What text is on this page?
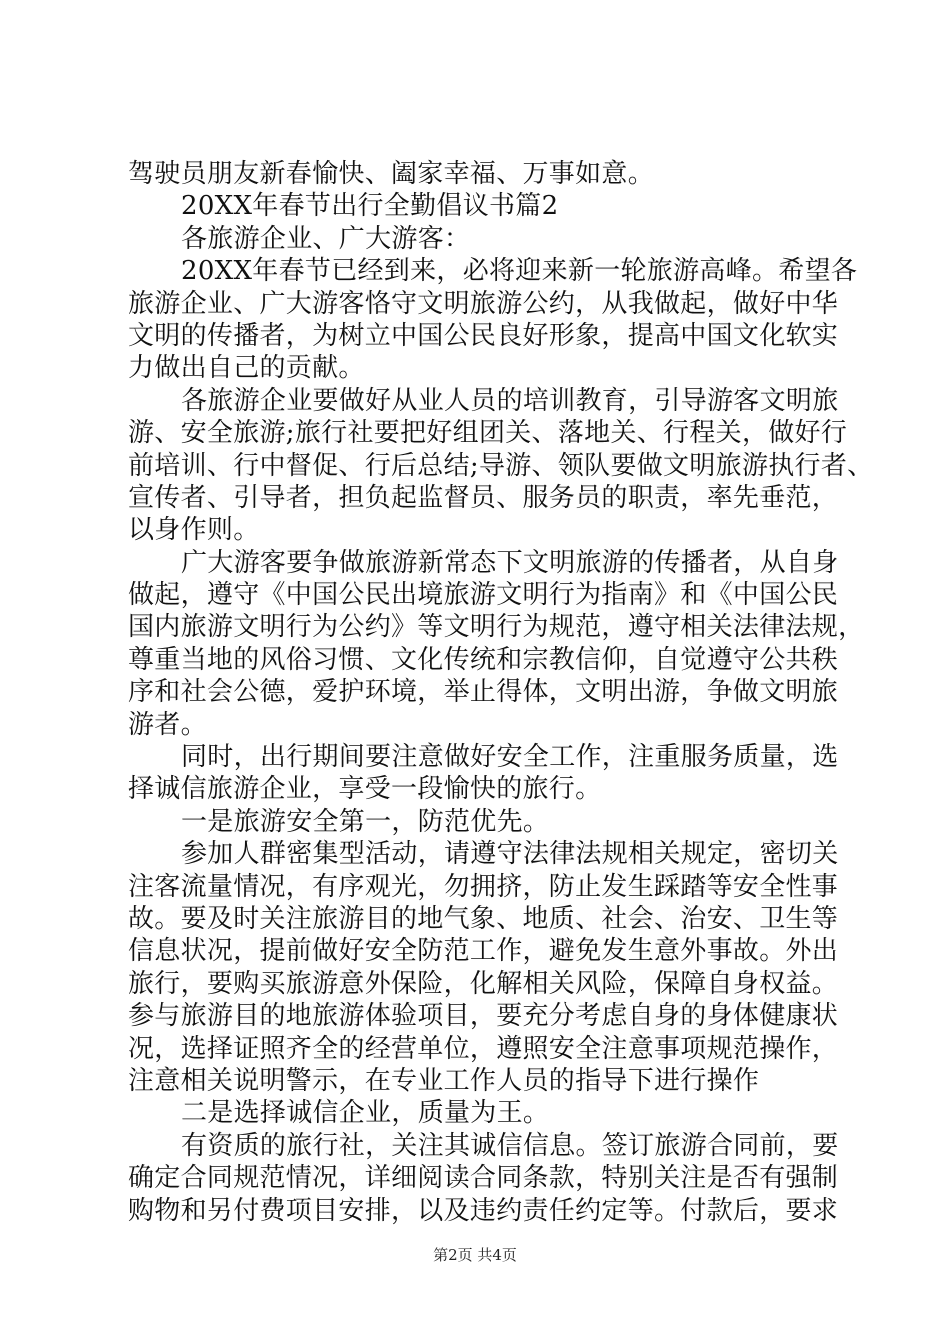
驾驶员朋友新春愉快、阖家幸福、万事如意。
20XX年春节出行全勤倡议书篇2
各旅游企业、广大游客：
20XX年春节已经到来，必将迎来新一轮旅游高峰。希望各
旅游企业、广大游客恪守文明旅游公约，从我做起，做好中华
文明的传播者，为树立中国公民良好形象，提高中国文化软实
力做出自己的贡献。
各旅游企业要做好从业人员的培训教育，引导游客文明旅
游、安全旅游;旅行社要把好组团关、落地关、行程关，做好行
前培训、行中督促、行后总结;导游、领队要做文明旅游执行者、
宣传者、引导者，担负起监督员、服务员的职责，率先垂范，
以身作则。
广大游客要争做旅游新常态下文明旅游的传播者，从自身
做起，遵守《中国公民出境旅游文明行为指南》和《中国公民
国内旅游文明行为公约》等文明行为规范，遵守相关法律法规，
尊重当地的风俗习惯、文化传统和宗教信仰，自觉遵守公共秩
序和社会公德，爱护环境，举止得体，文明出游，争做文明旅
游者。
同时，出行期间要注意做好安全工作，注重服务质量，选
择诚信旅游企业，享受一段愉快的旅行。
一是旅游安全第一，防范优先。
参加人群密集型活动，请遵守法律法规相关规定，密切关
注客流量情况，有序观光，勿拥挤，防止发生踩踏等安全性事
故。要及时关注旅游目的地气象、地质、社会、治安、卫生等
信息状况，提前做好安全防范工作，避免发生意外事故。外出
旅行，要购买旅游意外保险，化解相关风险，保障自身权益。
参与旅游目的地旅游体验项目，要充分考虑自身的身体健康状
况，选择证照齐全的经营单位，遵照安全注意事项规范操作，
注意相关说明警示，在专业工作人员的指导下进行操作
二是选择诚信企业，质量为王。
有资质的旅行社，关注其诚信信息。签订旅游合同前，要
确定合同规范情况，详细阅读合同条款，特别关注是否有强制
购物和另付费项目安排，以及违约责任约定等。付款后，要求
第2页 共4页
